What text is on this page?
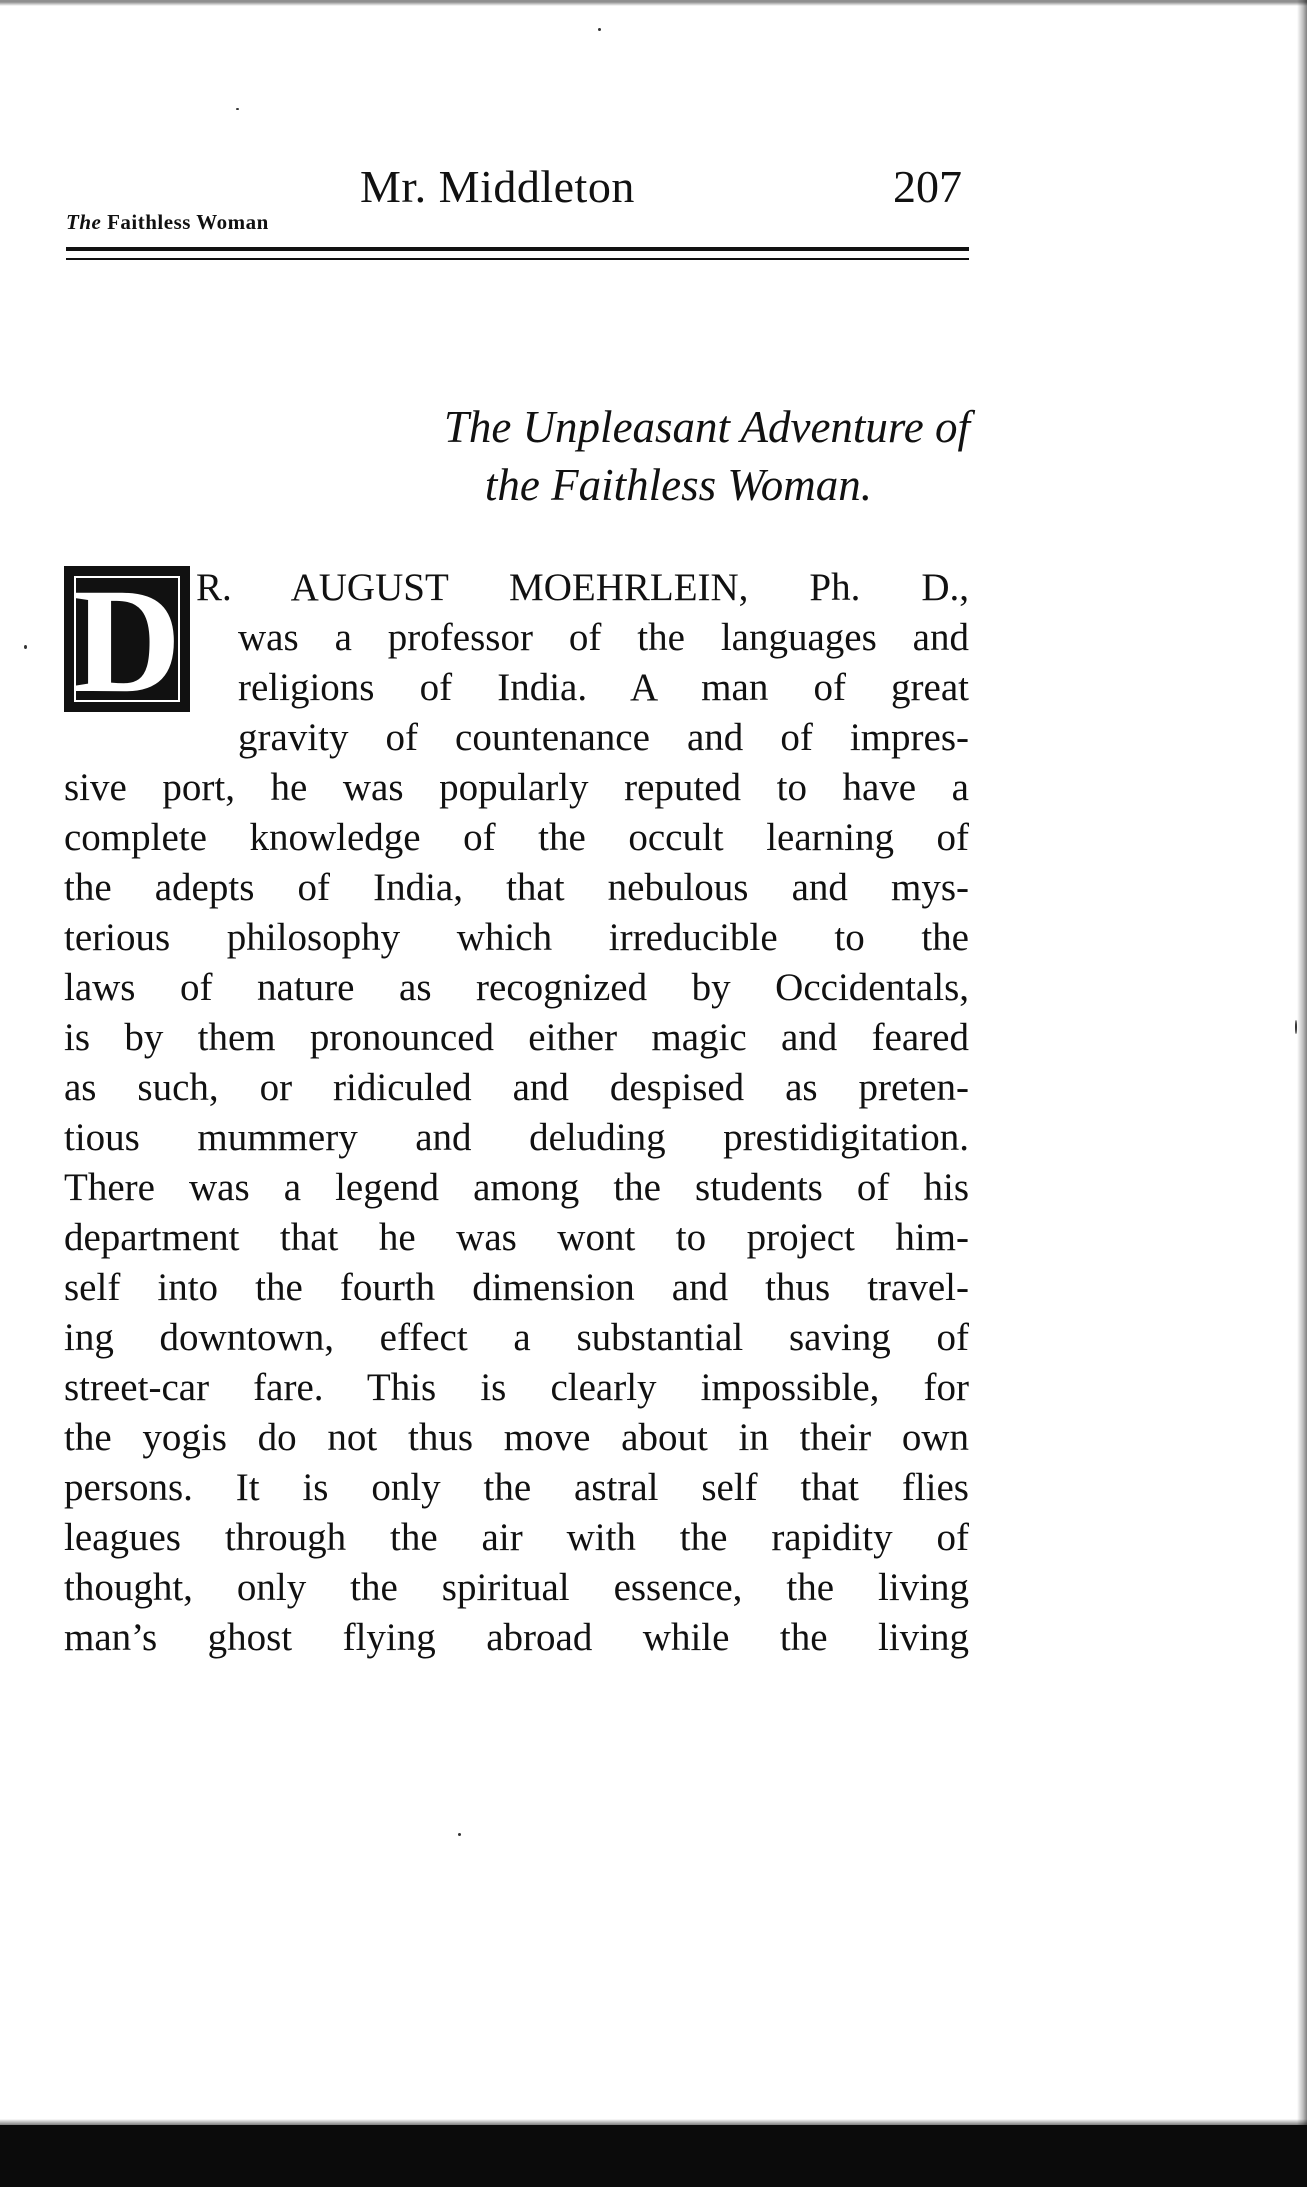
Mr. Middleton	207
The Faithless Woman
The Unpleasant Adventure of
the Faithless Woman.
D R. AUGUST MOEHRLEIN, Ph. D.,
was a professor of the languages and
religions of India. A man of great
gravity of countenance and of impres-
sive port, he was popularly reputed to have a
complete knowledge of the occult learning of
the adepts of India, that nebulous and mys-
terious philosophy which irreducible to the
laws of nature as recognized by Occidentals,
is by them pronounced either magic and feared
as such, or ridiculed and despised as preten-
tious mummery and deluding prestidigitation.
There was a legend among the students of his
department that he was wont to project him-
self into the fourth dimension and thus travel-
ing downtown, effect a substantial saving of
street-car fare. This is clearly impossible, for
the yogis do not thus move about in their own
persons. It is only the astral self that flies
leagues through the air with the rapidity of
thought, only the spiritual essence, the living
man’s ghost flying abroad while the living
